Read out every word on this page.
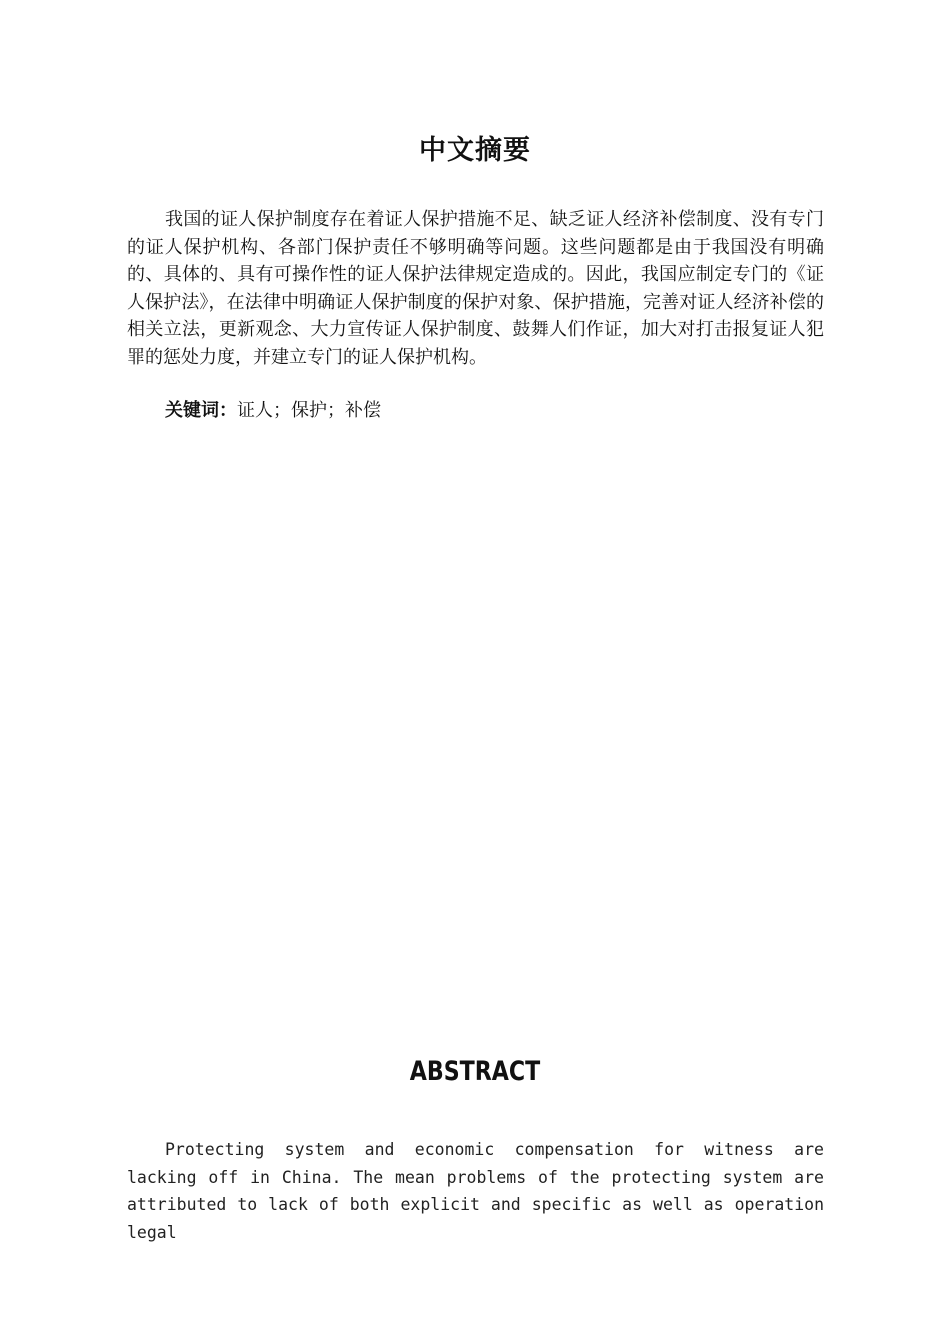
中文摘要

我国的证人保护制度存在着证人保护措施不足、缺乏证人经济补偿制度、没有专门的证人保护机构、各部门保护责任不够明确等问题。这些问题都是由于我国没有明确的、具体的、具有可操作性的证人保护法律规定造成的。因此，我国应制定专门的《证人保护法》，在法律中明确证人保护制度的保护对象、保护措施，完善对证人经济补偿的相关立法，更新观念、大力宣传证人保护制度、鼓舞人们作证，加大对打击报复证人犯罪的惩处力度，并建立专门的证人保护机构。

关键词：证人；保护；补偿

ABSTRACT

Protecting system and economic compensation for witness are lacking off in China. The mean problems of the protecting system are attributed to lack of both explicit and specific as well as operation legal
